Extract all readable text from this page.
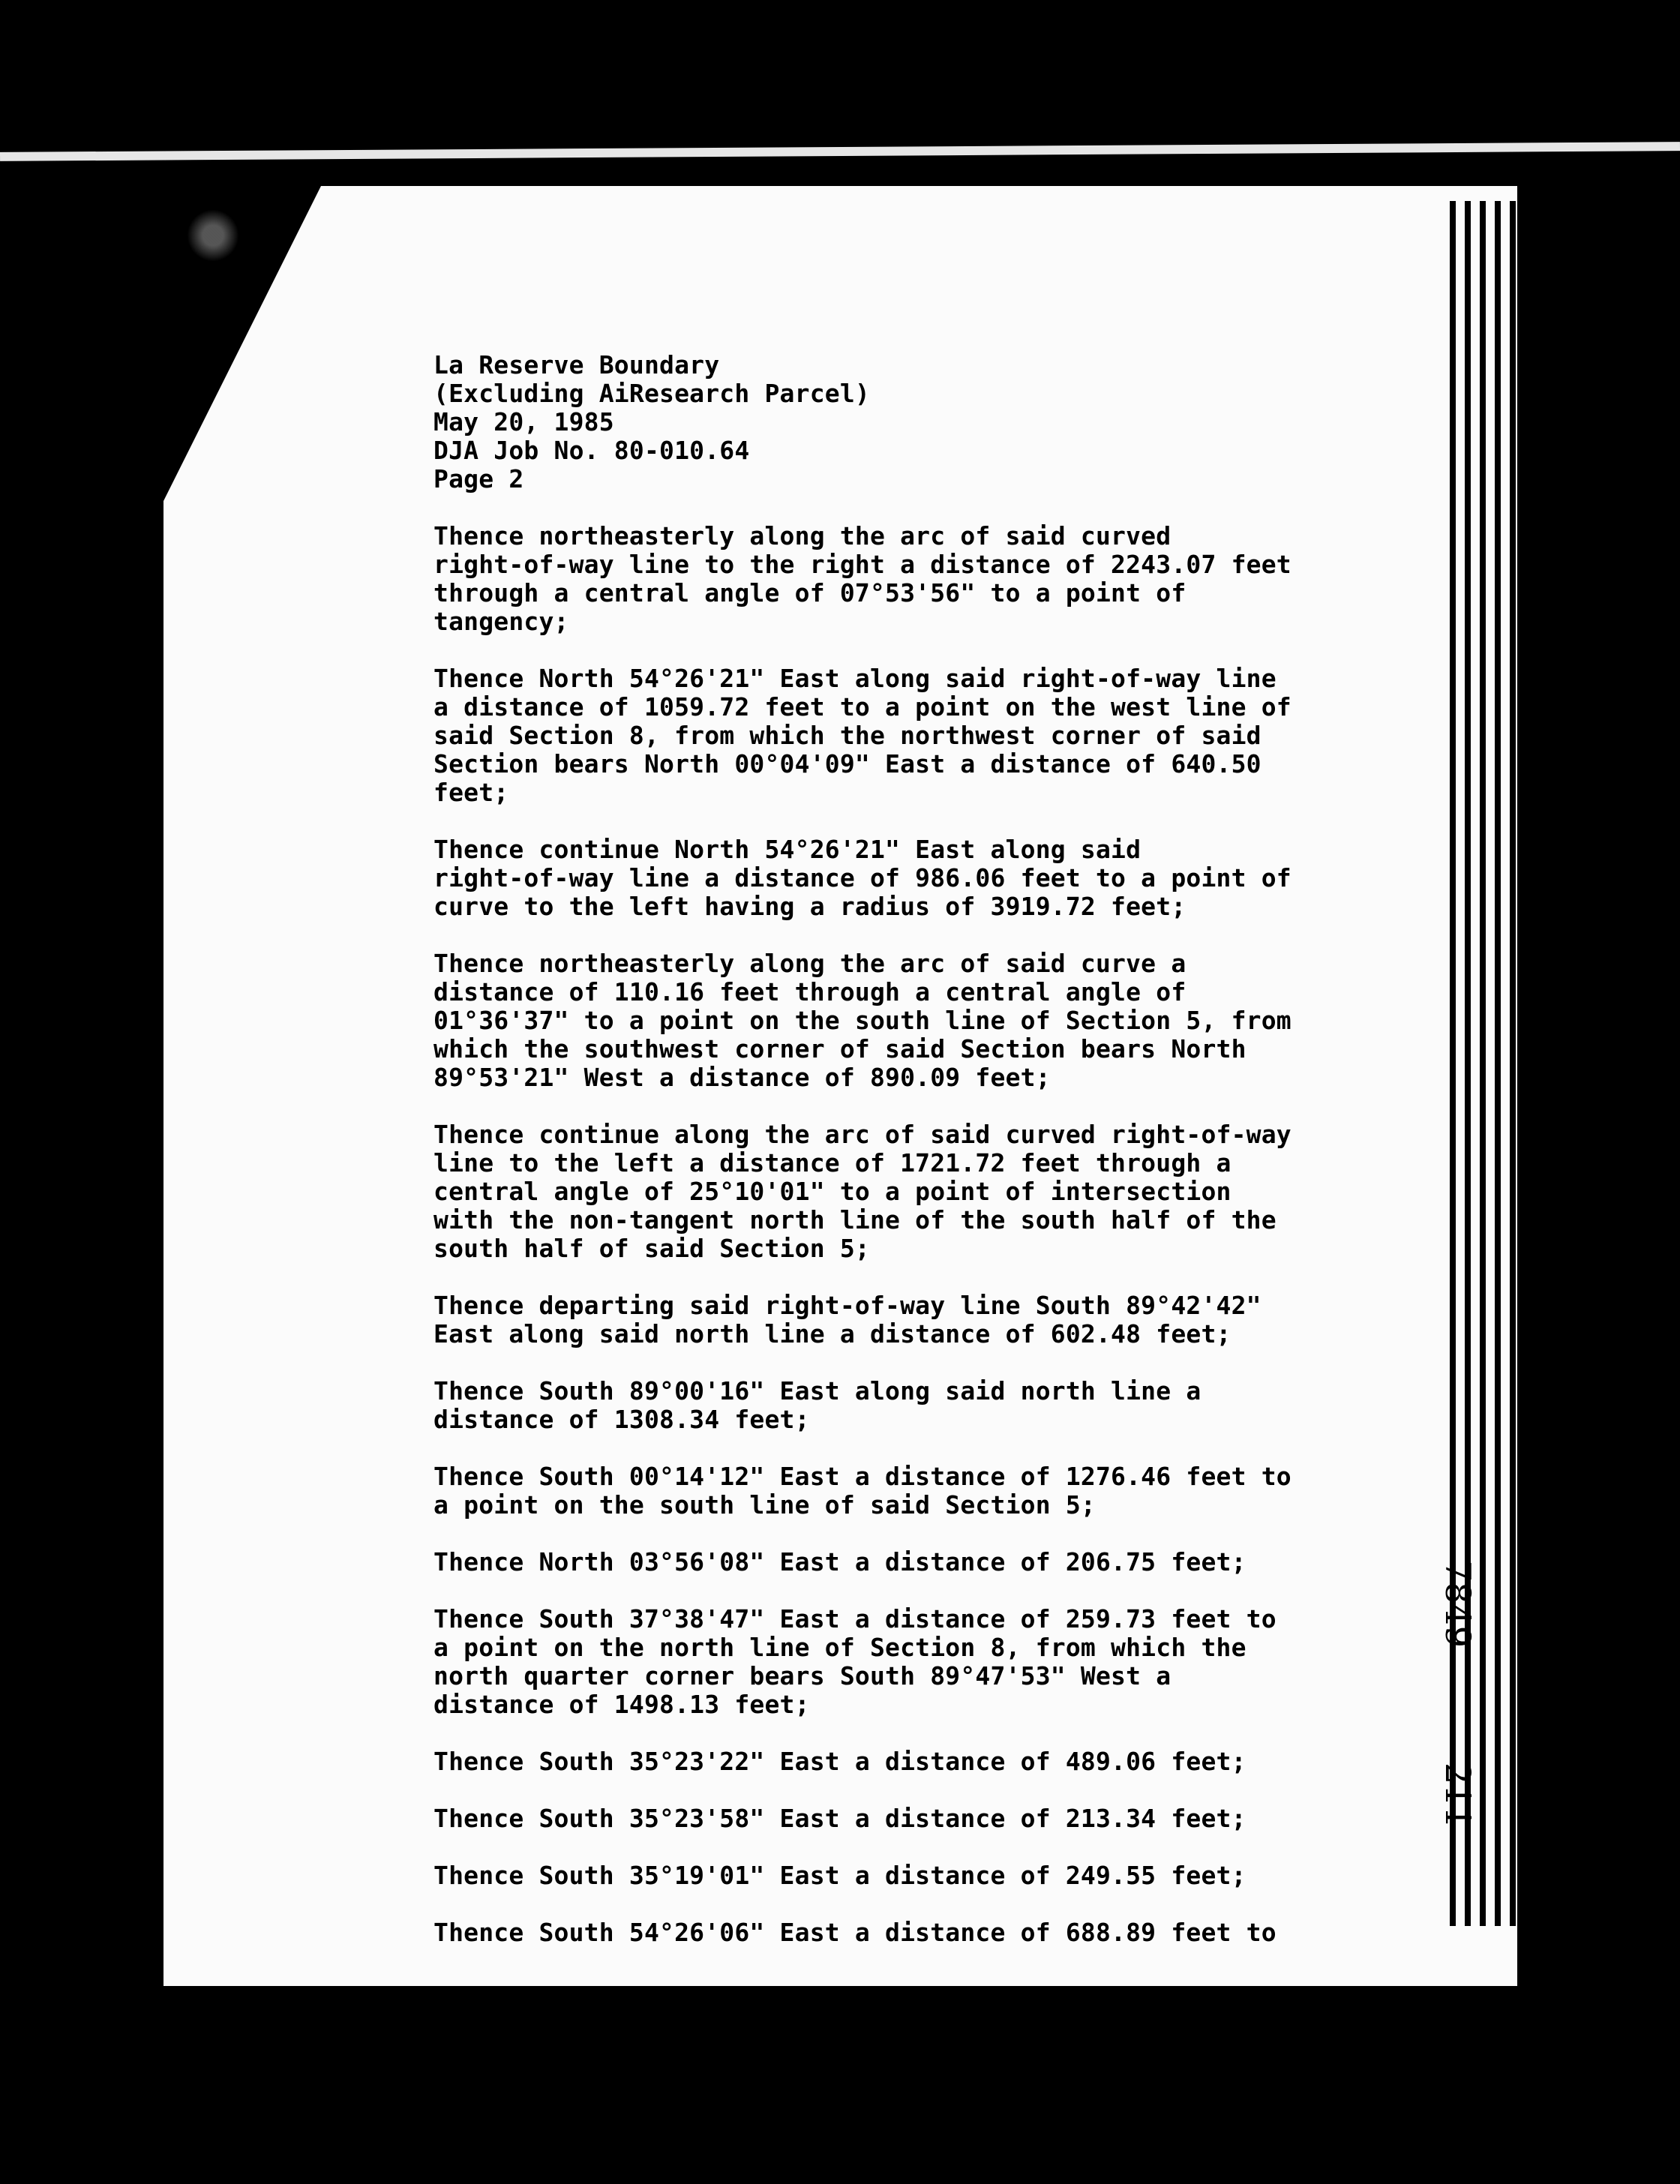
La Reserve Boundary
(Excluding AiResearch Parcel)
May 20, 1985
DJA Job No. 80-010.64
Page 2
Thence northeasterly along the arc of said curved
right-of-way line to the right a distance of 2243.07 feet
through a central angle of 07°53'56" to a point of
tangency;
Thence North 54°26'21" East along said right-of-way line
a distance of 1059.72 feet to a point on the west line of
said Section 8, from which the northwest corner of said
Section bears North 00°04'09" East a distance of 640.50
feet;
Thence continue North 54°26'21" East along said
right-of-way line a distance of 986.06 feet to a point of
curve to the left having a radius of 3919.72 feet;
Thence northeasterly along the arc of said curve a
distance of 110.16 feet through a central angle of
01°36'37" to a point on the south line of Section 5, from
which the southwest corner of said Section bears North
89°53'21" West a distance of 890.09 feet;
Thence continue along the arc of said curved right-of-way
line to the left a distance of 1721.72 feet through a
central angle of 25°10'01" to a point of intersection
with the non-tangent north line of the south half of the
south half of said Section 5;
Thence departing said right-of-way line South 89°42'42"
East along said north line a distance of 602.48 feet;
Thence South 89°00'16" East along said north line a
distance of 1308.34 feet;
Thence South 00°14'12" East a distance of 1276.46 feet to
a point on the south line of said Section 5;
Thence North 03°56'08" East a distance of 206.75 feet;
Thence South 37°38'47" East a distance of 259.73 feet to
a point on the north line of Section 8, from which the
north quarter corner bears South 89°47'53" West a
distance of 1498.13 feet;
Thence South 35°23'22" East a distance of 489.06 feet;
Thence South 35°23'58" East a distance of 213.34 feet;
Thence South 35°19'01" East a distance of 249.55 feet;
Thence South 54°26'06" East a distance of 688.89 feet to
7849
211
